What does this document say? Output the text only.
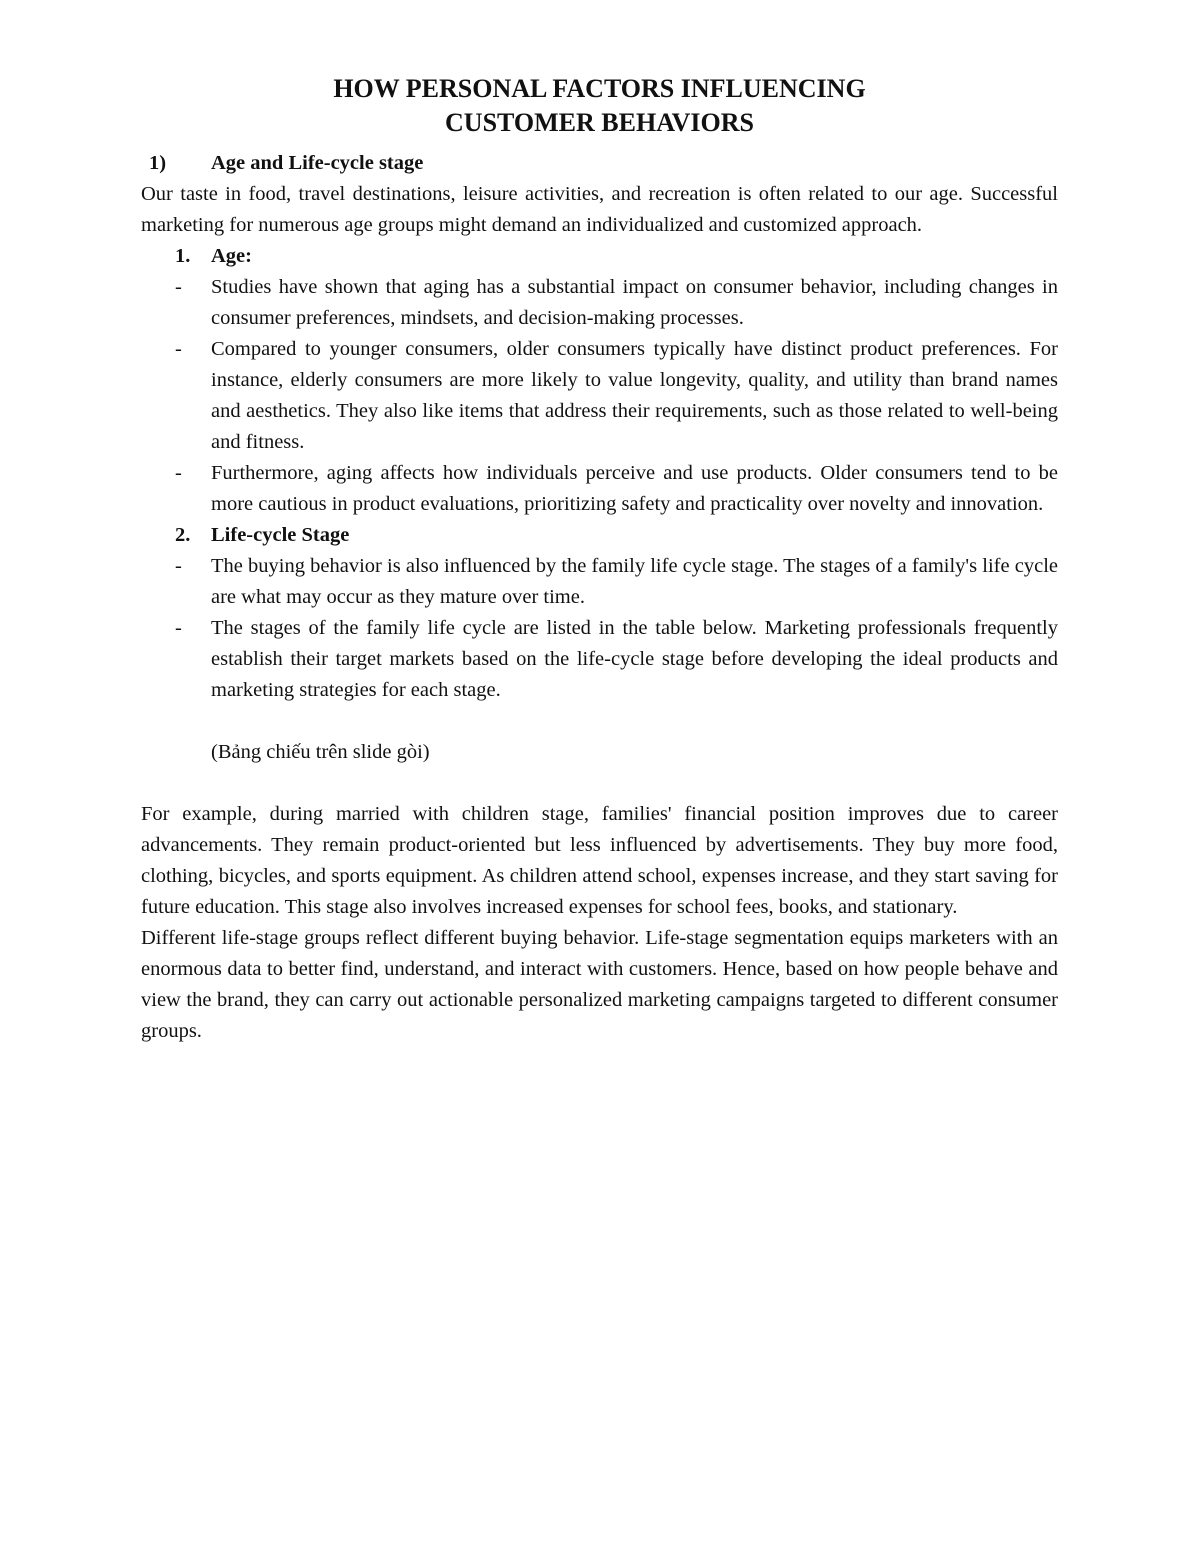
HOW PERSONAL FACTORS INFLUENCING

CUSTOMER BEHAVIORS

1)	Age and Life-cycle stage

Our taste in food, travel destinations, leisure activities, and recreation is often related to our age. Successful marketing for numerous age groups might demand an individualized and customized approach.

1.	Age:
-	Studies have shown that aging has a substantial impact on consumer behavior, including changes in consumer preferences, mindsets, and decision-making processes.
-	Compared to younger consumers, older consumers typically have distinct product preferences. For instance, elderly consumers are more likely to value longevity, quality, and utility than brand names and aesthetics. They also like items that address their requirements, such as those related to well-being and fitness.
-	Furthermore, aging affects how individuals perceive and use products. Older consumers tend to be more cautious in product evaluations, prioritizing safety and practicality over novelty and innovation.
2.	Life-cycle Stage
-	The buying behavior is also influenced by the family life cycle stage. The stages of a family's life cycle are what may occur as they mature over time.
-	The stages of the family life cycle are listed in the table below. Marketing professionals frequently establish their target markets based on the life-cycle stage before developing the ideal products and marketing strategies for each stage.

(Bảng chiếu trên slide gòi)

For example, during married with children stage, families' financial position improves due to career advancements. They remain product-oriented but less influenced by advertisements. They buy more food, clothing, bicycles, and sports equipment. As children attend school, expenses increase, and they start saving for future education. This stage also involves increased expenses for school fees, books, and stationary.

Different life-stage groups reflect different buying behavior. Life-stage segmentation equips marketers with an enormous data to better find, understand, and interact with customers. Hence, based on how people behave and view the brand, they can carry out actionable personalized marketing campaigns targeted to different consumer groups.
